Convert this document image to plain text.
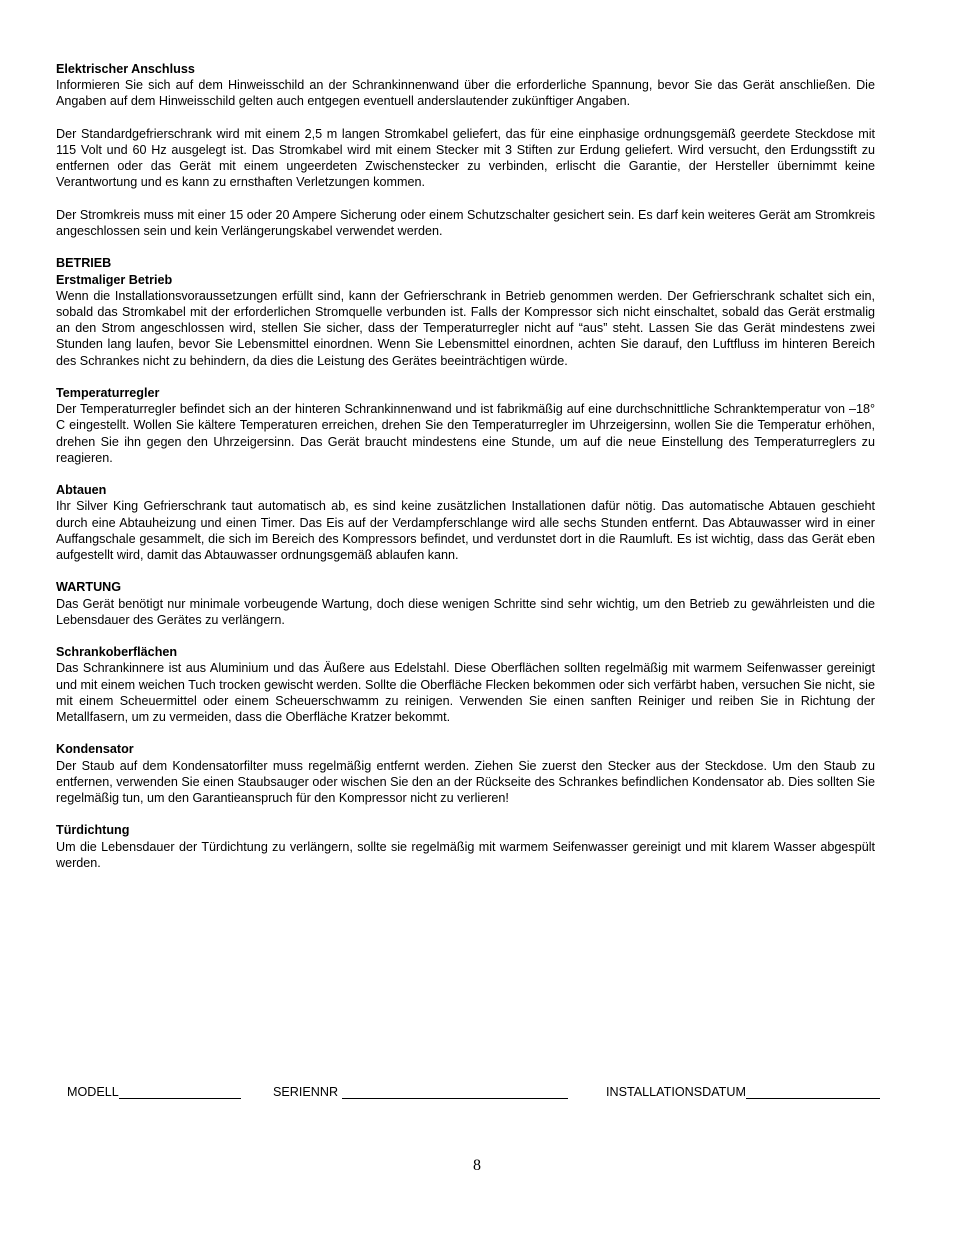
Elektrischer Anschluss

Informieren Sie sich auf dem Hinweisschild an der Schrankinnenwand über die erforderliche Spannung, bevor Sie das Gerät anschließen. Die Angaben auf dem Hinweisschild gelten auch entgegen eventuell anderslautender zukünftiger Angaben.

Der Standardgefrierschrank wird mit einem 2,5 m langen Stromkabel geliefert, das für eine einphasige ordnungsgemäß geerdete Steckdose mit 115 Volt und 60 Hz ausgelegt ist. Das Stromkabel wird mit einem Stecker mit 3 Stiften zur Erdung geliefert. Wird versucht, den Erdungsstift zu entfernen oder das Gerät mit einem ungeerdeten Zwischenstecker zu verbinden, erlischt die Garantie, der Hersteller übernimmt keine Verantwortung und es kann zu ernsthaften Verletzungen kommen.

Der Stromkreis muss mit einer 15 oder 20 Ampere Sicherung oder einem Schutzschalter gesichert sein. Es darf kein weiteres Gerät am Stromkreis angeschlossen sein und kein Verlängerungskabel verwendet werden.

BETRIEB

Erstmaliger Betrieb

Wenn die Installationsvoraussetzungen erfüllt sind, kann der Gefrierschrank in Betrieb genommen werden. Der Gefrierschrank schaltet sich ein, sobald das Stromkabel mit der erforderlichen Stromquelle verbunden ist. Falls der Kompressor sich nicht einschaltet, sobald das Gerät erstmalig an den Strom angeschlossen wird, stellen Sie sicher, dass der Temperaturregler nicht auf “aus” steht. Lassen Sie das Gerät mindestens zwei Stunden lang laufen, bevor Sie Lebensmittel einordnen. Wenn Sie Lebensmittel einordnen, achten Sie darauf, den Luftfluss im hinteren Bereich des Schrankes nicht zu behindern, da dies die Leistung des Gerätes beeinträchtigen würde.

Temperaturregler

Der Temperaturregler befindet sich an der hinteren Schrankinnenwand und ist fabrikmäßig auf eine durchschnittliche Schranktemperatur von –18° C eingestellt. Wollen Sie kältere Temperaturen erreichen, drehen Sie den Temperaturregler im Uhrzeigersinn, wollen Sie die Temperatur erhöhen, drehen Sie ihn gegen den Uhrzeigersinn. Das Gerät braucht mindestens eine Stunde, um auf die neue Einstellung des Temperaturreglers zu reagieren.

Abtauen

Ihr Silver King Gefrierschrank taut automatisch ab, es sind keine zusätzlichen Installationen dafür nötig. Das automatische Abtauen geschieht durch eine Abtauheizung und einen Timer. Das Eis auf der Verdampferschlange wird alle sechs Stunden entfernt. Das Abtauwasser wird in einer Auffangschale gesammelt, die sich im Bereich des Kompressors befindet, und verdunstet dort in die Raumluft. Es ist wichtig, dass das Gerät eben aufgestellt wird, damit das Abtauwasser ordnungsgemäß ablaufen kann.

WARTUNG

Das Gerät benötigt nur minimale vorbeugende Wartung, doch diese wenigen Schritte sind sehr wichtig, um den Betrieb zu gewährleisten und die Lebensdauer des Gerätes zu verlängern.

Schrankoberflächen

Das Schrankinnere ist aus Aluminium und das Äußere aus Edelstahl. Diese Oberflächen sollten regelmäßig mit warmem Seifenwasser gereinigt und mit einem weichen Tuch trocken gewischt werden. Sollte die Oberfläche Flecken bekommen oder sich verfärbt haben, versuchen Sie nicht, sie mit einem Scheuermittel oder einem Scheuerschwamm zu reinigen. Verwenden Sie einen sanften Reiniger und reiben Sie in Richtung der Metallfasern, um zu vermeiden, dass die Oberfläche Kratzer bekommt.

Kondensator

Der Staub auf dem Kondensatorfilter muss regelmäßig entfernt werden. Ziehen Sie zuerst den Stecker aus der Steckdose. Um den Staub zu entfernen, verwenden Sie einen Staubsauger oder wischen Sie den an der Rückseite des Schrankes befindlichen Kondensator ab. Dies sollten Sie regelmäßig tun, um den Garantieanspruch für den Kompressor nicht zu verlieren!

Türdichtung

Um die Lebensdauer der Türdichtung zu verlängern, sollte sie regelmäßig mit warmem Seifenwasser gereinigt und mit klarem Wasser abgespült werden.

MODELL	SERIENNR	INSTALLATIONSDATUM
8
